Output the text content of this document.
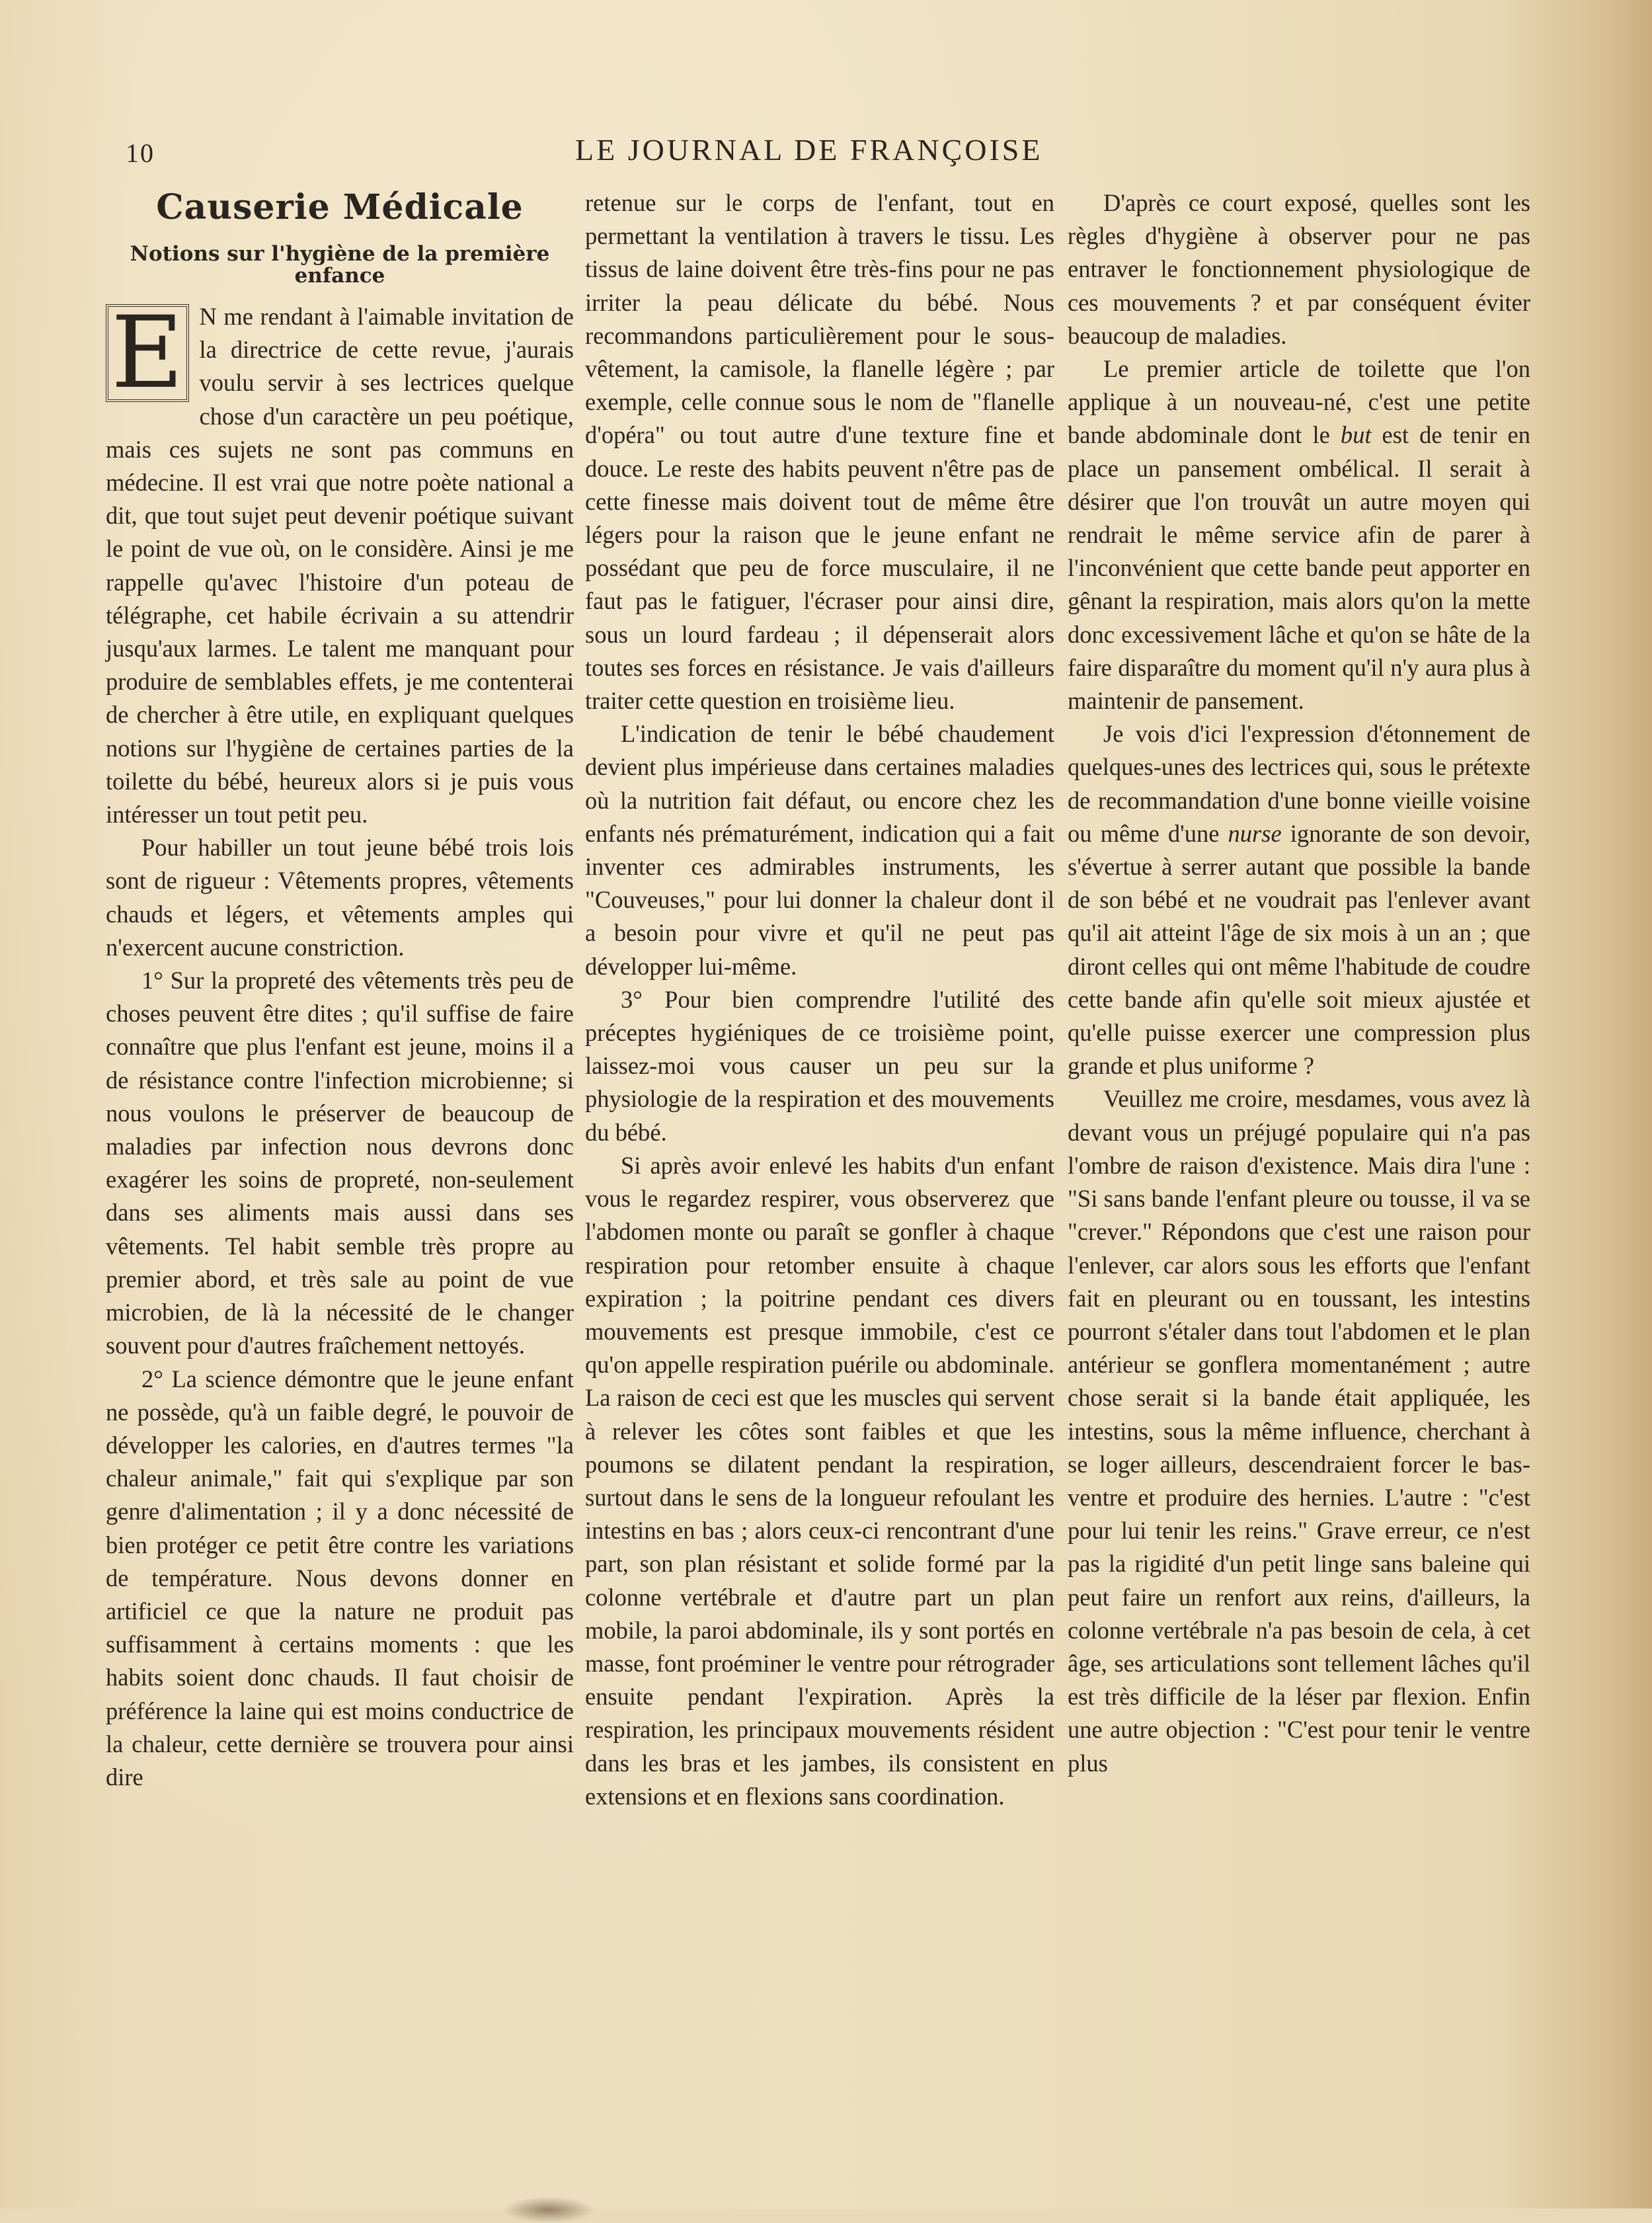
10	LE JOURNAL DE FRANÇOISE
Causerie Médicale
Notions sur l'hygiène de la première enfance

E N me rendant à l'aimable invitation de la directrice de cette revue, j'aurais voulu servir à ses lectrices quelque chose d'un caractère un peu poétique, mais ces sujets ne sont pas communs en médecine. Il est vrai que notre poète national a dit, que tout sujet peut devenir poétique suivant le point de vue où, on le considère. Ainsi je me rappelle qu'avec l'histoire d'un poteau de télégraphe, cet habile écrivain a su attendrir jusqu'aux larmes. Le talent me manquant pour produire de semblables effets, je me contenterai de chercher à être utile, en expliquant quelques notions sur l'hygiène de certaines parties de la toilette du bébé, heureux alors si je puis vous intéresser un tout petit peu.

Pour habiller un tout jeune bébé trois lois sont de rigueur : Vêtements propres, vêtements chauds et légers, et vêtements amples qui n'exercent aucune constriction.

1° Sur la propreté des vêtements très peu de choses peuvent être dites ; qu'il suffise de faire connaître que plus l'enfant est jeune, moins il a de résistance contre l'infection microbienne; si nous voulons le préserver de beaucoup de maladies par infection nous devrons donc exagérer les soins de propreté, non-seulement dans ses aliments mais aussi dans ses vêtements. Tel habit semble très propre au premier abord, et très sale au point de vue microbien, de là la nécessité de le changer souvent pour d'autres fraîchement nettoyés.

2° La science démontre que le jeune enfant ne possède, qu'à un faible degré, le pouvoir de développer les calories, en d'autres termes "la chaleur animale," fait qui s'explique par son genre d'alimentation ; il y a donc nécessité de bien protéger ce petit être contre les variations de température. Nous devons donner en artificiel ce que la nature ne produit pas suffisamment à certains moments : que les habits soient donc chauds. Il faut choisir de préférence la laine qui est moins conductrice de la chaleur, cette dernière se trouvera pour ainsi dire

retenue sur le corps de l'enfant, tout en permettant la ventilation à travers le tissu. Les tissus de laine doivent être très-fins pour ne pas irriter la peau délicate du bébé. Nous recommandons particulièrement pour le sous-vêtement, la camisole, la flanelle légère ; par exemple, celle connue sous le nom de "flanelle d'opéra" ou tout autre d'une texture fine et douce. Le reste des habits peuvent n'être pas de cette finesse mais doivent tout de même être légers pour la raison que le jeune enfant ne possédant que peu de force musculaire, il ne faut pas le fatiguer, l'écraser pour ainsi dire, sous un lourd fardeau ; il dépenserait alors toutes ses forces en résistance. Je vais d'ailleurs traiter cette question en troisième lieu.

L'indication de tenir le bébé chaudement devient plus impérieuse dans certaines maladies où la nutrition fait défaut, ou encore chez les enfants nés prématurément, indication qui a fait inventer ces admirables instruments, les "Couveuses," pour lui donner la chaleur dont il a besoin pour vivre et qu'il ne peut pas développer lui-même.

3° Pour bien comprendre l'utilité des préceptes hygiéniques de ce troisième point, laissez-moi vous causer un peu sur la physiologie de la respiration et des mouvements du bébé.

Si après avoir enlevé les habits d'un enfant vous le regardez respirer, vous observerez que l'abdomen monte ou paraît se gonfler à chaque respiration pour retomber ensuite à chaque expiration ; la poitrine pendant ces divers mouvements est presque immobile, c'est ce qu'on appelle respiration puérile ou abdominale. La raison de ceci est que les muscles qui servent à relever les côtes sont faibles et que les poumons se dilatent pendant la respiration, surtout dans le sens de la longueur refoulant les intestins en bas ; alors ceux-ci rencontrant d'une part, son plan résistant et solide formé par la colonne vertébrale et d'autre part un plan mobile, la paroi abdominale, ils y sont portés en masse, font proéminer le ventre pour rétrograder ensuite pendant l'expiration. Après la respiration, les principaux mouvements résident dans les bras et les jambes, ils consistent en extensions et en flexions sans coordination.

D'après ce court exposé, quelles sont les règles d'hygiène à observer pour ne pas entraver le fonctionnement physiologique de ces mouvements ? et par conséquent éviter beaucoup de maladies.

Le premier article de toilette que l'on applique à un nouveau-né, c'est une petite bande abdominale dont le but est de tenir en place un pansement ombélical. Il serait à désirer que l'on trouvât un autre moyen qui rendrait le même service afin de parer à l'inconvénient que cette bande peut apporter en gênant la respiration, mais alors qu'on la mette donc excessivement lâche et qu'on se hâte de la faire disparaître du moment qu'il n'y aura plus à maintenir de pansement.

Je vois d'ici l'expression d'étonnement de quelques-unes des lectrices qui, sous le prétexte de recommandation d'une bonne vieille voisine ou même d'une nurse ignorante de son devoir, s'évertue à serrer autant que possible la bande de son bébé et ne voudrait pas l'enlever avant qu'il ait atteint l'âge de six mois à un an ; que diront celles qui ont même l'habitude de coudre cette bande afin qu'elle soit mieux ajustée et qu'elle puisse exercer une compression plus grande et plus uniforme ?

Veuillez me croire, mesdames, vous avez là devant vous un préjugé populaire qui n'a pas l'ombre de raison d'existence. Mais dira l'une : "Si sans bande l'enfant pleure ou tousse, il va se "crever." Répondons que c'est une raison pour l'enlever, car alors sous les efforts que l'enfant fait en pleurant ou en toussant, les intestins pourront s'étaler dans tout l'abdomen et le plan antérieur se gonflera momentanément ; autre chose serait si la bande était appliquée, les intestins, sous la même influence, cherchant à se loger ailleurs, descendraient forcer le bas-ventre et produire des hernies. L'autre : "c'est pour lui tenir les reins." Grave erreur, ce n'est pas la rigidité d'un petit linge sans baleine qui peut faire un renfort aux reins, d'ailleurs, la colonne vertébrale n'a pas besoin de cela, à cet âge, ses articulations sont tellement lâches qu'il est très difficile de la léser par flexion. Enfin une autre objection : "C'est pour tenir le ventre plus
